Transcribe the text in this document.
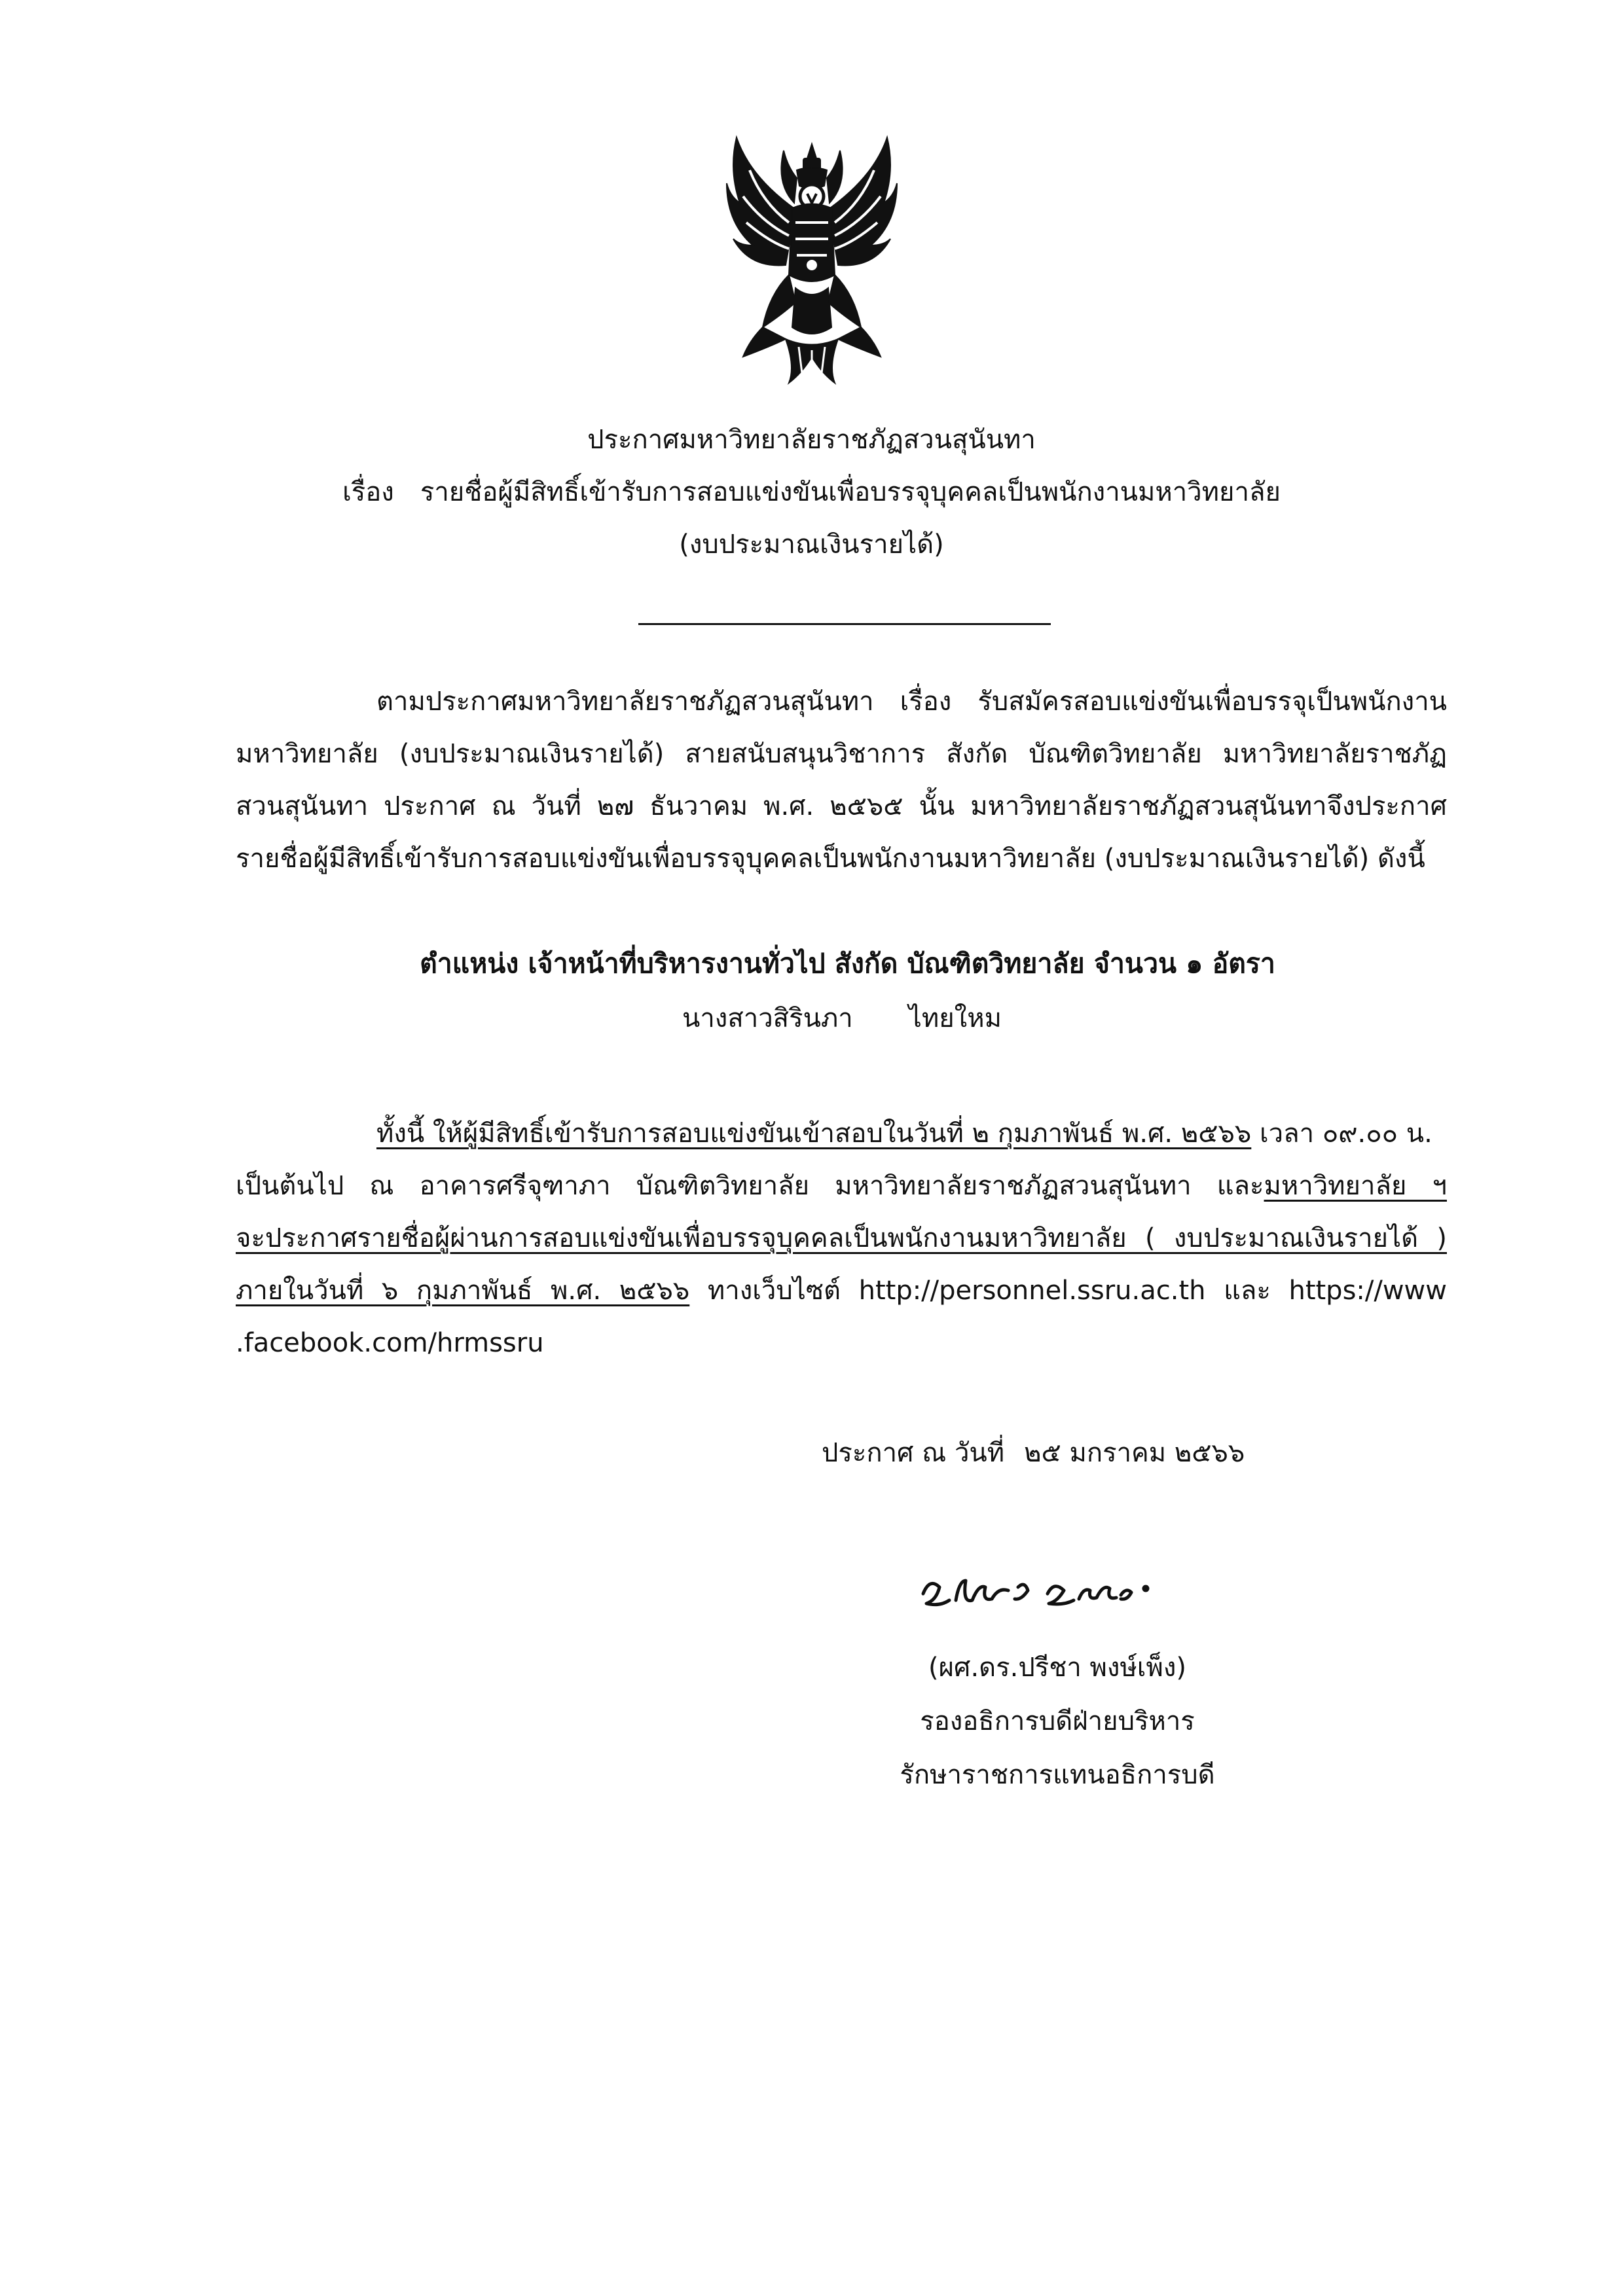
ประกาศมหาวิทยาลัยราชภัฏสวนสุนันทา
เรื่อง รายชื่อผู้มีสิทธิ์เข้ารับการสอบแข่งขันเพื่อบรรจุบุคคลเป็นพนักงานมหาวิทยาลัย
(งบประมาณเงินรายได้)
ตามประกาศมหาวิทยาลัยราชภัฏสวนสุนันทา เรื่อง รับสมัครสอบแข่งขันเพื่อบรรจุเป็นพนักงาน
มหาวิทยาลัย (งบประมาณเงินรายได้) สายสนับสนุนวิชาการ สังกัด บัณฑิตวิทยาลัย มหาวิทยาลัยราชภัฏ
สวนสุนันทา ประกาศ ณ วันที่ ๒๗ ธันวาคม พ.ศ. ๒๕๖๕ นั้น มหาวิทยาลัยราชภัฏสวนสุนันทาจึงประกาศ
รายชื่อผู้มีสิทธิ์เข้ารับการสอบแข่งขันเพื่อบรรจุบุคคลเป็นพนักงานมหาวิทยาลัย (งบประมาณเงินรายได้) ดังนี้
ตำแหน่ง เจ้าหน้าที่บริหารงานทั่วไป สังกัด บัณฑิตวิทยาลัย จำนวน ๑ อัตรา
นางสาวสิรินภา ไทยใหม
ทั้งนี้ ให้ผู้มีสิทธิ์เข้ารับการสอบแข่งขันเข้าสอบในวันที่ ๒ กุมภาพันธ์ พ.ศ. ๒๕๖๖ เวลา ๐๙.๐๐ น.
เป็นต้นไป ณ อาคารศรีจุฑาภา บัณฑิตวิทยาลัย มหาวิทยาลัยราชภัฏสวนสุนันทา และมหาวิทยาลัย ฯ
จะประกาศรายชื่อผู้ผ่านการสอบแข่งขันเพื่อบรรจุบุคคลเป็นพนักงานมหาวิทยาลัย ( งบประมาณเงินรายได้ )
ภายในวันที่ ๖ กุมภาพันธ์ พ.ศ. ๒๕๖๖ ทางเว็บไซต์ http://personnel.ssru.ac.th และ https://www
.facebook.com/hrmssru
ประกาศ ณ วันที่ ๒๕ มกราคม ๒๕๖๖
(ผศ.ดร.ปรีชา พงษ์เพ็ง)
รองอธิการบดีฝ่ายบริหาร
รักษาราชการแทนอธิการบดี
